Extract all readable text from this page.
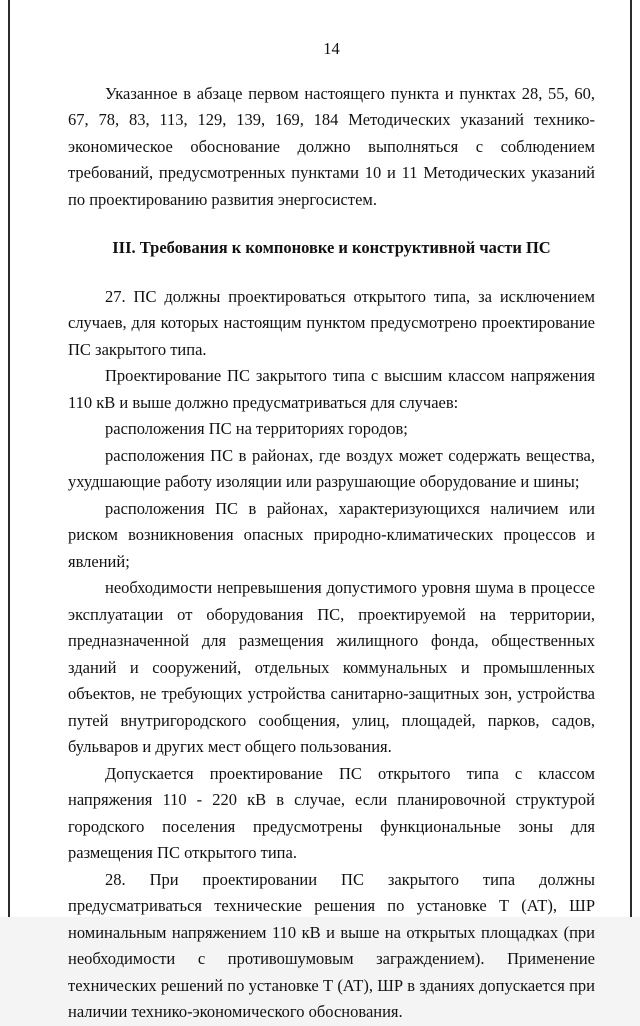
14

Указанное в абзаце первом настоящего пункта и пунктах 28, 55, 60, 67, 78, 83, 113, 129, 139, 169, 184 Методических указаний технико-экономическое обоснование должно выполняться с соблюдением требований, предусмотренных пунктами 10 и 11 Методических указаний по проектированию развития энергосистем.

III. Требования к компоновке и конструктивной части ПС

27. ПС должны проектироваться открытого типа, за исключением случаев, для которых настоящим пунктом предусмотрено проектирование ПС закрытого типа.

Проектирование ПС закрытого типа с высшим классом напряжения 110 кВ и выше должно предусматриваться для случаев:

расположения ПС на территориях городов;

расположения ПС в районах, где воздух может содержать вещества, ухудшающие работу изоляции или разрушающие оборудование и шины;

расположения ПС в районах, характеризующихся наличием или риском возникновения опасных природно-климатических процессов и явлений;

необходимости непревышения допустимого уровня шума в процессе эксплуатации от оборудования ПС, проектируемой на территории, предназначенной для размещения жилищного фонда, общественных зданий и сооружений, отдельных коммунальных и промышленных объектов, не требующих устройства санитарно-защитных зон, устройства путей внутригородского сообщения, улиц, площадей, парков, садов, бульваров и других мест общего пользования.

Допускается проектирование ПС открытого типа с классом напряжения 110 - 220 кВ в случае, если планировочной структурой городского поселения предусмотрены функциональные зоны для размещения ПС открытого типа.

28. При проектировании ПС закрытого типа должны предусматриваться технические решения по установке Т (АТ), ШР номинальным напряжением 110 кВ и выше на открытых площадках (при необходимости с противошумовым заграждением). Применение технических решений по установке Т (АТ), ШР в зданиях допускается при наличии технико-экономического обоснования.
